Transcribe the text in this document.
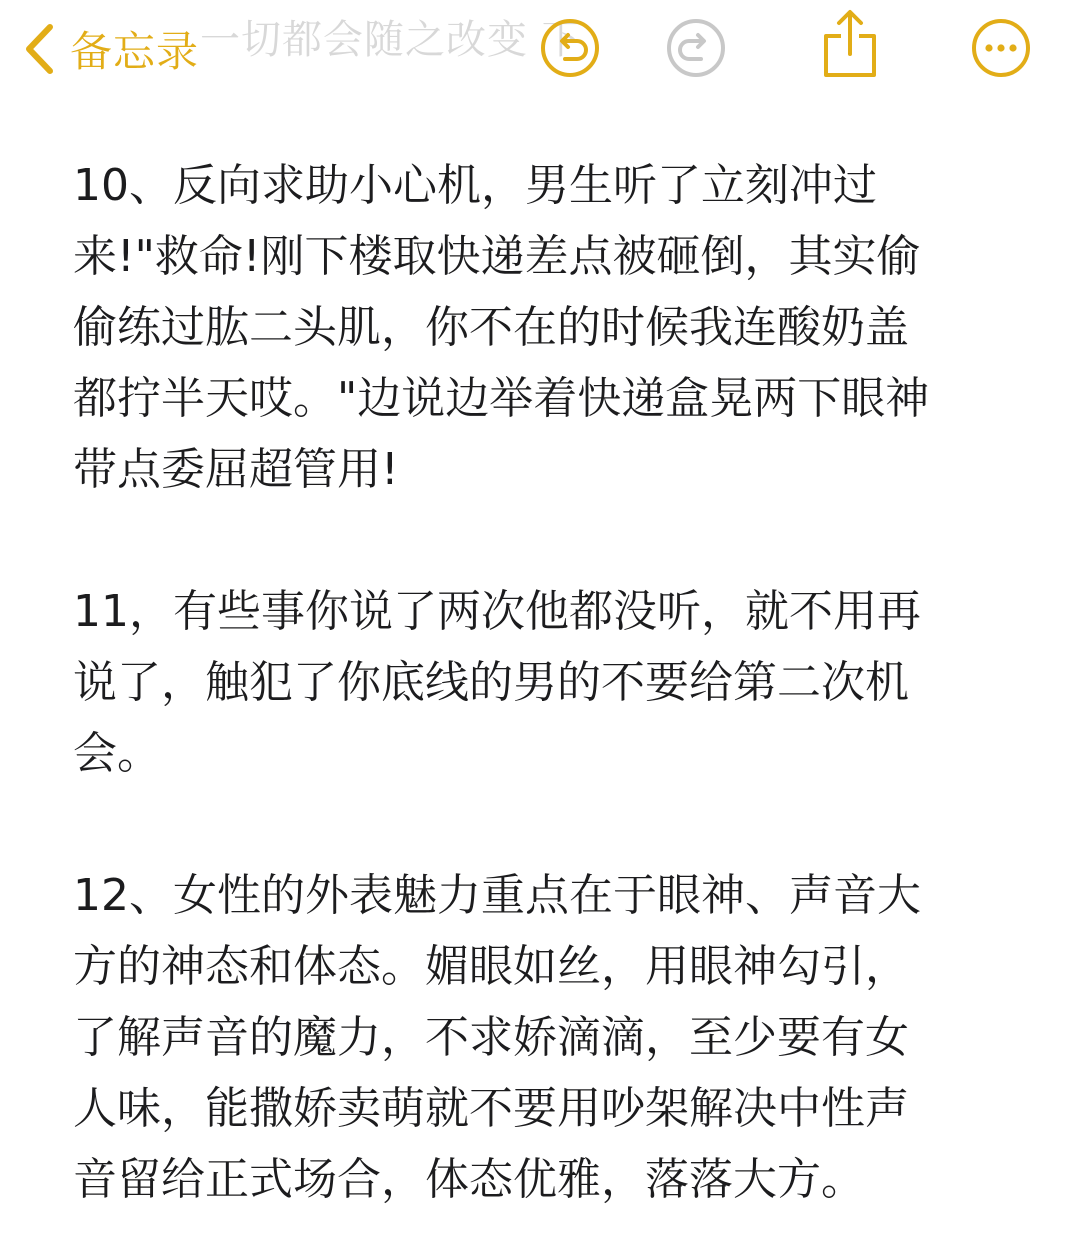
一切都会随之改变 下
备忘录

10、反向求助小心机，男生听了立刻冲过
来!"救命!刚下楼取快递差点被砸倒，其实偷
偷练过肱二头肌，你不在的时候我连酸奶盖
都拧半天哎。"边说边举着快递盒晃两下眼神
带点委屈超管用!

11，有些事你说了两次他都没听，就不用再
说了，触犯了你底线的男的不要给第二次机
会。

12、女性的外表魅力重点在于眼神、声音大
方的神态和体态。媚眼如丝，用眼神勾引，
了解声音的魔力，不求娇滴滴，至少要有女
人味，能撒娇卖萌就不要用吵架解决中性声
音留给正式场合，体态优雅，落落大方。
